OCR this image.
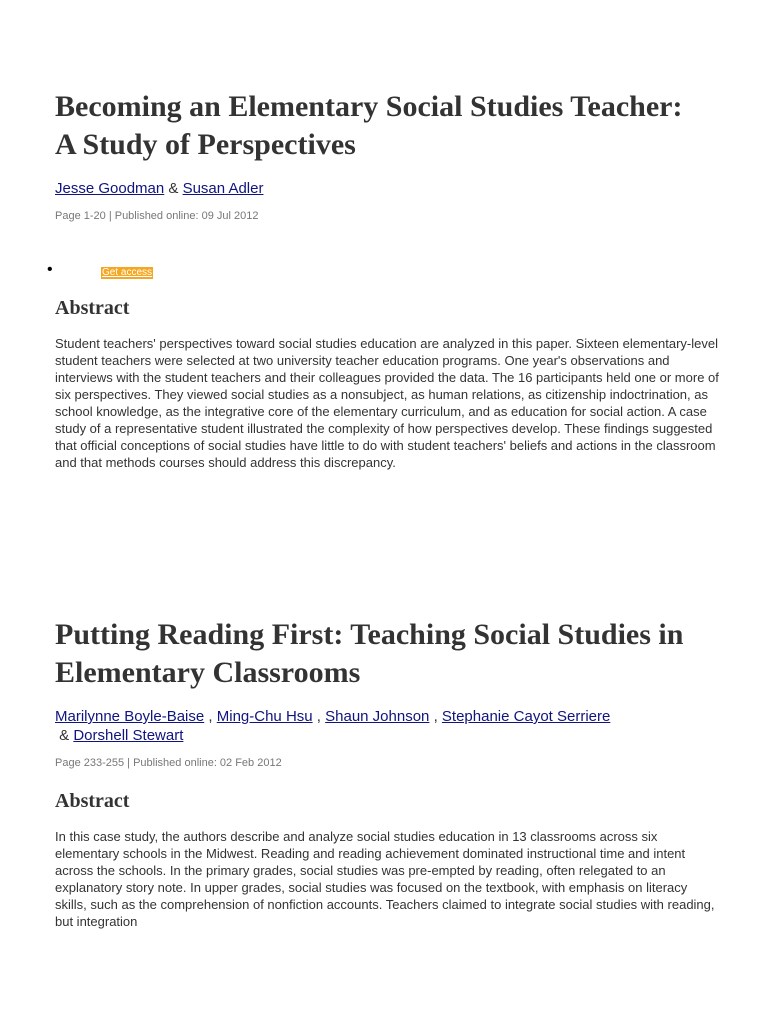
Becoming an Elementary Social Studies Teacher: A Study of Perspectives
Jesse Goodman & Susan Adler
Page 1-20 | Published online: 09 Jul 2012
•	Get access
Abstract

Student teachers' perspectives toward social studies education are analyzed in this paper. Sixteen elementary-level student teachers were selected at two university teacher education programs. One year's observations and interviews with the student teachers and their colleagues provided the data. The 16 participants held one or more of six perspectives. They viewed social studies as a nonsubject, as human relations, as citizenship indoctrination, as school knowledge, as the integrative core of the elementary curriculum, and as education for social action. A case study of a representative student illustrated the complexity of how perspectives develop. These findings suggested that official conceptions of social studies have little to do with student teachers' beliefs and actions in the classroom and that methods courses should address this discrepancy.

Putting Reading First: Teaching Social Studies in Elementary Classrooms
Marilynne Boyle-Baise , Ming-Chu Hsu , Shaun Johnson , Stephanie Cayot Serriere & Dorshell Stewart
Page 233-255 | Published online: 02 Feb 2012
Abstract

In this case study, the authors describe and analyze social studies education in 13 classrooms across six elementary schools in the Midwest. Reading and reading achievement dominated instructional time and intent across the schools. In the primary grades, social studies was pre-empted by reading, often relegated to an explanatory story note. In upper grades, social studies was focused on the textbook, with emphasis on literacy skills, such as the comprehension of nonfiction accounts. Teachers claimed to integrate social studies with reading, but integration
